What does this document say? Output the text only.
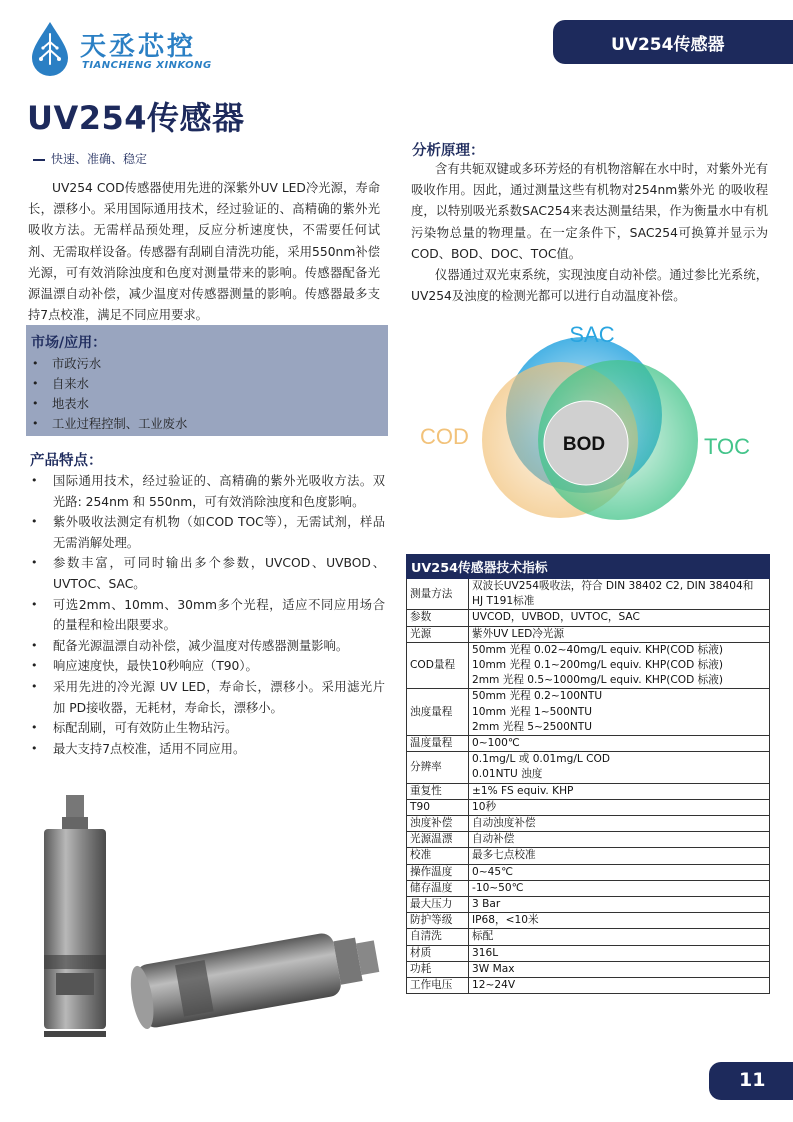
天丞芯控
TIANCHENG XINKONG
UV254传感器
UV254传感器
快速、准确、稳定

UV254 COD传感器使用先进的深紫外UV LED冷光源，寿命长，漂移小。采用国际通用技术，经过验证的、高精确的紫外光吸收方法。无需样品预处理，反应分析速度快，不需要任何试剂、无需取样设备。传感器有刮刷自清洗功能，采用550nm补偿光源，可有效消除浊度和色度对测量带来的影响。传感器配备光源温漂自动补偿，减少温度对传感器测量的影响。传感器最多支持7点校准，满足不同应用要求。

市场/应用：
• 市政污水
• 自来水
• 地表水
• 工业过程控制、工业废水
产品特点：
• 国际通用技术，经过验证的、高精确的紫外光吸收方法。双光路: 254nm 和 550nm，可有效消除浊度和色度影响。
• 紫外吸收法测定有机物（如COD TOC等），无需试剂，样品无需消解处理。
• 参数丰富，可同时输出多个参数，UVCOD、UVBOD、UVTOC、SAC。
• 可选2mm、10mm、30mm多个光程，适应不同应用场合的量程和检出限要求。
• 配备光源温漂自动补偿，减少温度对传感器测量影响。
• 响应速度快，最快10秒响应（T90）。
• 采用先进的冷光源 UV LED，寿命长，漂移小。采用滤光片加 PD接收器，无耗材，寿命长，漂移小。
• 标配刮刷，可有效防止生物玷污。
• 最大支持7点校准，适用不同应用。
分析原理：

含有共轭双键或多环芳烃的有机物溶解在水中时，对紫外光有吸收作用。因此，通过测量这些有机物对254nm紫外光 的吸收程度，以特别吸光系数SAC254来表达测量结果，作为衡量水中有机污染物总量的物理量。在一定条件下，SAC254可换算并显示为COD、BOD、DOC、TOC值。

仪器通过双光束系统，实现浊度自动补偿。通过参比光系统，UV254及浊度的检测光都可以进行自动温度补偿。

SAC
COD	TOC
BOD
UV254传感器技术指标	
测量方法	双波长UV254吸收法，符合 DIN 38402 C2, DIN 38404和
HJ T191标准

参数	UVCOD，UVBOD，UVTOC，SAC

光源	紫外UV LED冷光源

COD量程	50mm 光程 0.02~40mg/L equiv. KHP(COD 标液)
10mm 光程 0.1~200mg/L equiv. KHP(COD 标液)
2mm 光程 0.5~1000mg/L equiv. KHP(COD 标液)

浊度量程	50mm 光程 0.2~100NTU
10mm 光程 1~500NTU
2mm 光程 5~2500NTU

温度量程	0~100℃

分辨率	0.1mg/L 或 0.01mg/L COD
0.01NTU 浊度

重复性	±1% FS equiv. KHP

T90	10秒

浊度补偿	自动浊度补偿

光源温漂	自动补偿

校准	最多七点校准

操作温度	0~45℃

储存温度	-10~50℃

最大压力	3 Bar

防护等级	IP68，<10米

自清洗	标配

材质	316L

功耗	3W Max

工作电压	12~24V
11
